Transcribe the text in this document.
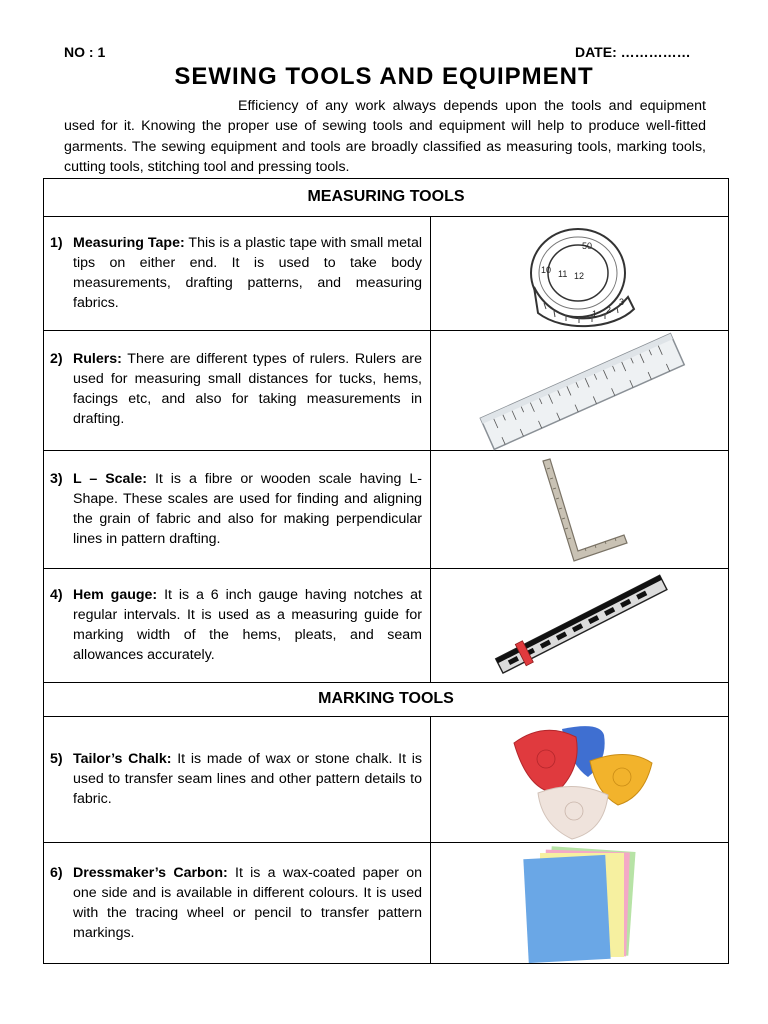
NO : 1	DATE: ……………
SEWING TOOLS AND EQUIPMENT
Efficiency of any work always depends upon the tools and equipment used for it. Knowing the proper use of sewing tools and equipment will help to produce well-fitted garments. The sewing equipment and tools are broadly classified as measuring tools, marking tools, cutting tools, stitching tool and pressing tools.
MEASURING TOOLS
1) Measuring Tape: This is a plastic tape with small metal tips on either end. It is used to take body measurements, drafting patterns, and measuring fabrics.
10 11 12
50
1 2
3
2) Rulers: There are different types of rulers. Rulers are used for measuring small distances for tucks, hems, facings etc, and also for taking measurements in drafting.
3) L – Scale: It is a fibre or wooden scale having L-Shape. These scales are used for finding and aligning the grain of fabric and also for making perpendicular lines in pattern drafting.
4) Hem gauge: It is a 6 inch gauge having notches at regular intervals. It is used as a measuring guide for marking width of the hems, pleats, and seam allowances accurately.
MARKING TOOLS
5) Tailor’s Chalk: It is made of wax or stone chalk. It is used to transfer seam lines and other pattern details to fabric.
6) Dressmaker’s Carbon: It is a wax-coated paper on one side and is available in different colours. It is used with the tracing wheel or pencil to transfer pattern markings.
